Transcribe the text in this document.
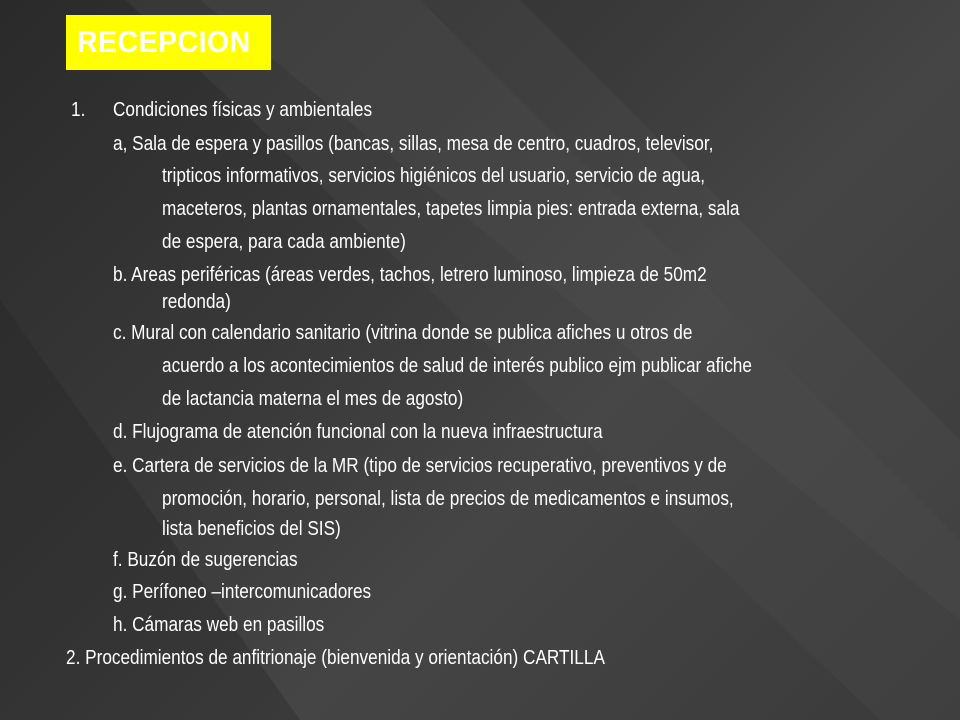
RECEPCION
1. Condiciones físicas y ambientales
a, Sala de espera y pasillos (bancas, sillas, mesa de centro, cuadros, televisor,
tripticos informativos, servicios higiénicos del usuario, servicio de agua,
maceteros, plantas ornamentales, tapetes limpia pies: entrada externa, sala
de espera, para cada ambiente)
b. Areas periféricas (áreas verdes, tachos, letrero luminoso, limpieza de 50m2
redonda)
c. Mural con calendario sanitario (vitrina donde se publica afiches u otros de
acuerdo a los acontecimientos de salud de interés publico ejm publicar afiche
de lactancia materna el mes de agosto)
d. Flujograma de atención funcional con la nueva infraestructura
e. Cartera de servicios de la MR (tipo de servicios recuperativo, preventivos y de
promoción, horario, personal, lista de precios de medicamentos e insumos,
lista beneficios del SIS)
f. Buzón de sugerencias
g. Perífoneo –intercomunicadores
h. Cámaras web en pasillos
2. Procedimientos de anfitrionaje (bienvenida y orientación) CARTILLA
